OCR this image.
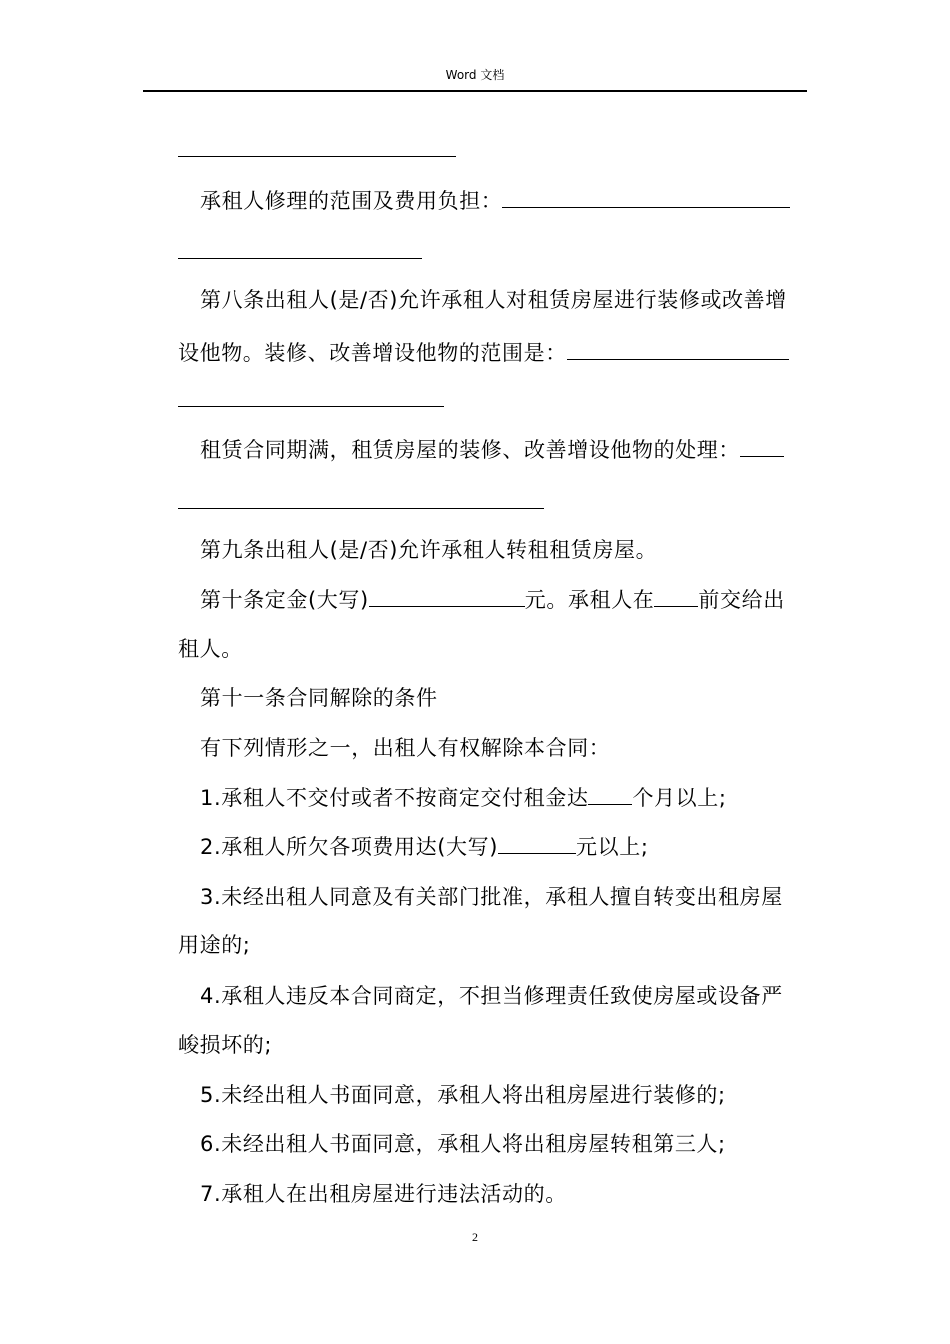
Word 文档
承租人修理的范围及费用负担：
第八条出租人(是/否)允许承租人对租赁房屋进行装修或改善增
设他物。装修、改善增设他物的范围是：
租赁合同期满，租赁房屋的装修、改善增设他物的处理：
第九条出租人(是/否)允许承租人转租租赁房屋。
第十条定金(大写)	元。承租人在 前交给出
租人。
第十一条合同解除的条件
有下列情形之一，出租人有权解除本合同：
1.承租人不交付或者不按商定交付租金达 个月以上;
2.承租人所欠各项费用达(大写)	元以上;
3.未经出租人同意及有关部门批准，承租人擅自转变出租房屋
用途的;
4.承租人违反本合同商定，不担当修理责任致使房屋或设备严
峻损坏的;
5.未经出租人书面同意，承租人将出租房屋进行装修的;
6.未经出租人书面同意，承租人将出租房屋转租第三人;
7.承租人在出租房屋进行违法活动的。
2
